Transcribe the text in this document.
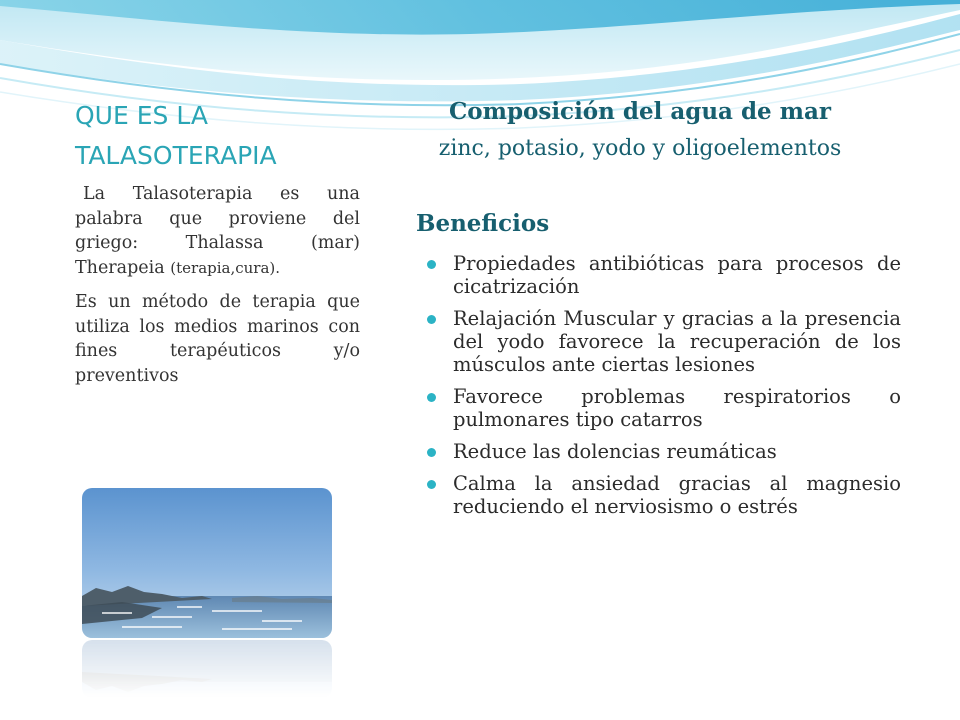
QUE ES LA
TALASOTERAPIA

La Talasoterapia es una palabra que proviene del griego: Thalassa (mar) Therapeia (terapia,cura).

Es un método de terapia que utiliza los medios marinos con fines terapéuticos y/o preventivos

Composición del agua de mar
zinc, potasio, yodo y oligoelementos
Beneficios
Propiedades antibióticas para procesos de cicatrización
Relajación Muscular y gracias a la presencia del yodo favorece la recuperación de los músculos ante ciertas lesiones
Favorece problemas respiratorios o pulmonares tipo catarros
Reduce las dolencias reumáticas
Calma la ansiedad gracias al magnesio reduciendo el nerviosismo o estrés
